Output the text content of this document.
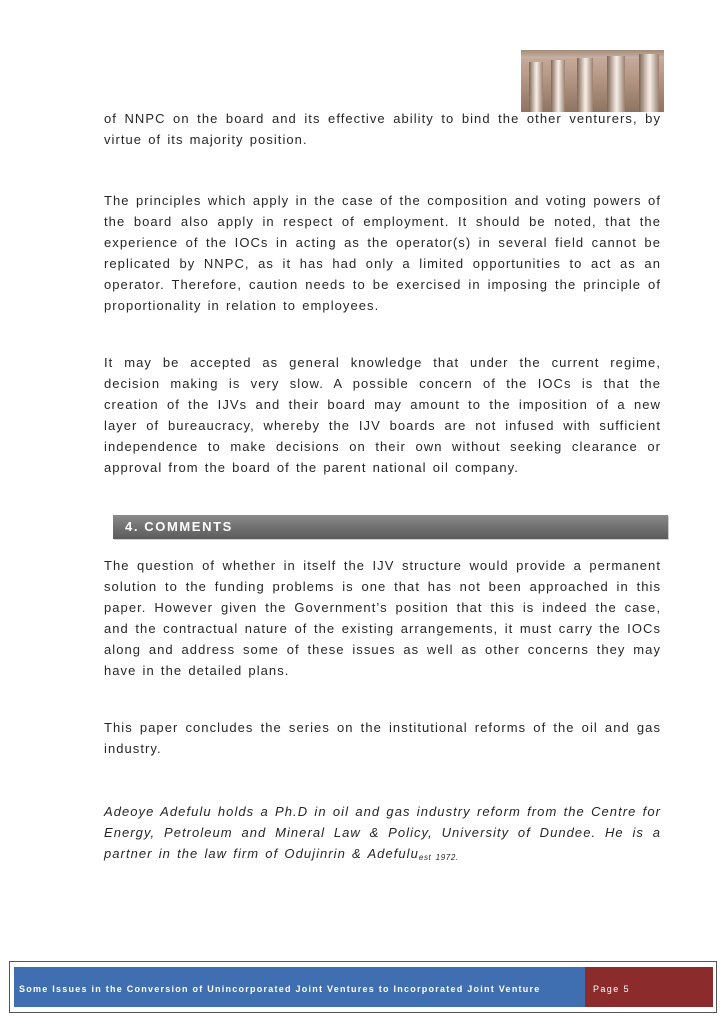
of NNPC on the board and its effective ability to bind the other venturers, by virtue of its majority position.

The principles which apply in the case of the composition and voting powers of the board also apply in respect of employment. It should be noted, that the experience of the IOCs in acting as the operator(s) in several field cannot be replicated by NNPC, as it has had only a limited opportunities to act as an operator. Therefore, caution needs to be exercised in imposing the principle of proportionality in relation to employees.

It may be accepted as general knowledge that under the current regime, decision making is very slow. A possible concern of the IOCs is that the creation of the IJVs and their board may amount to the imposition of a new layer of bureaucracy, whereby the IJV boards are not infused with sufficient independence to make decisions on their own without seeking clearance or approval from the board of the parent national oil company.

The question of whether in itself the IJV structure would provide a permanent solution to the funding problems is one that has not been approached in this paper. However given the Government’s position that this is indeed the case, and the contractual nature of the existing arrangements, it must carry the IOCs along and address some of these issues as well as other concerns they may have in the detailed plans.

This paper concludes the series on the institutional reforms of the oil and gas industry.

Adeoye Adefulu holds a Ph.D in oil and gas industry reform from the Centre for Energy, Petroleum and Mineral Law & Policy, University of Dundee. He is a partner in the law firm of Odujinrin & Adefuluest 1972.

4. COMMENTS
Some Issues in the Conversion of Unincorporated Joint Ventures to Incorporated Joint Venture	Page 5
